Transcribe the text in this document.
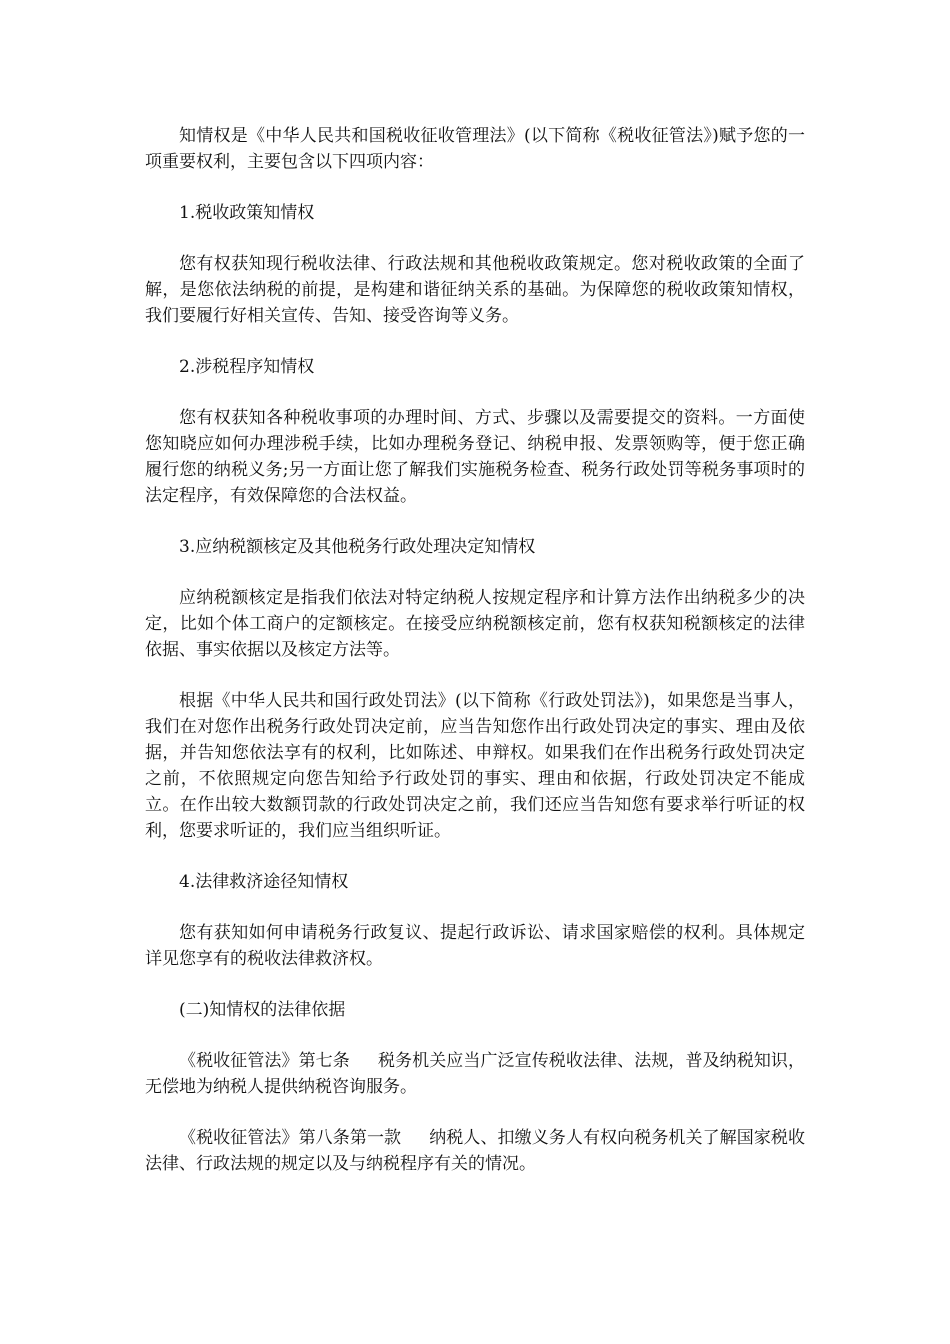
知情权是《中华人民共和国税收征收管理法》(以下简称《税收征管法》)赋予您的一项重要权利，主要包含以下四项内容：

1.税收政策知情权

您有权获知现行税收法律、行政法规和其他税收政策规定。您对税收政策的全面了解，是您依法纳税的前提，是构建和谐征纳关系的基础。为保障您的税收政策知情权，我们要履行好相关宣传、告知、接受咨询等义务。

2.涉税程序知情权

您有权获知各种税收事项的办理时间、方式、步骤以及需要提交的资料。一方面使您知晓应如何办理涉税手续，比如办理税务登记、纳税申报、发票领购等，便于您正确履行您的纳税义务;另一方面让您了解我们实施税务检查、税务行政处罚等税务事项时的法定程序，有效保障您的合法权益。

3.应纳税额核定及其他税务行政处理决定知情权

应纳税额核定是指我们依法对特定纳税人按规定程序和计算方法作出纳税多少的决定，比如个体工商户的定额核定。在接受应纳税额核定前，您有权获知税额核定的法律依据、事实依据以及核定方法等。

根据《中华人民共和国行政处罚法》(以下简称《行政处罚法》)，如果您是当事人，我们在对您作出税务行政处罚决定前，应当告知您作出行政处罚决定的事实、理由及依据，并告知您依法享有的权利，比如陈述、申辩权。如果我们在作出税务行政处罚决定之前，不依照规定向您告知给予行政处罚的事实、理由和依据，行政处罚决定不能成立。在作出较大数额罚款的行政处罚决定之前，我们还应当告知您有要求举行听证的权利，您要求听证的，我们应当组织听证。

4.法律救济途径知情权

您有获知如何申请税务行政复议、提起行政诉讼、请求国家赔偿的权利。具体规定详见您享有的税收法律救济权。

(二)知情权的法律依据

《税收征管法》第七条 税务机关应当广泛宣传税收法律、法规，普及纳税知识，无偿地为纳税人提供纳税咨询服务。

《税收征管法》第八条第一款 纳税人、扣缴义务人有权向税务机关了解国家税收法律、行政法规的规定以及与纳税程序有关的情况。
